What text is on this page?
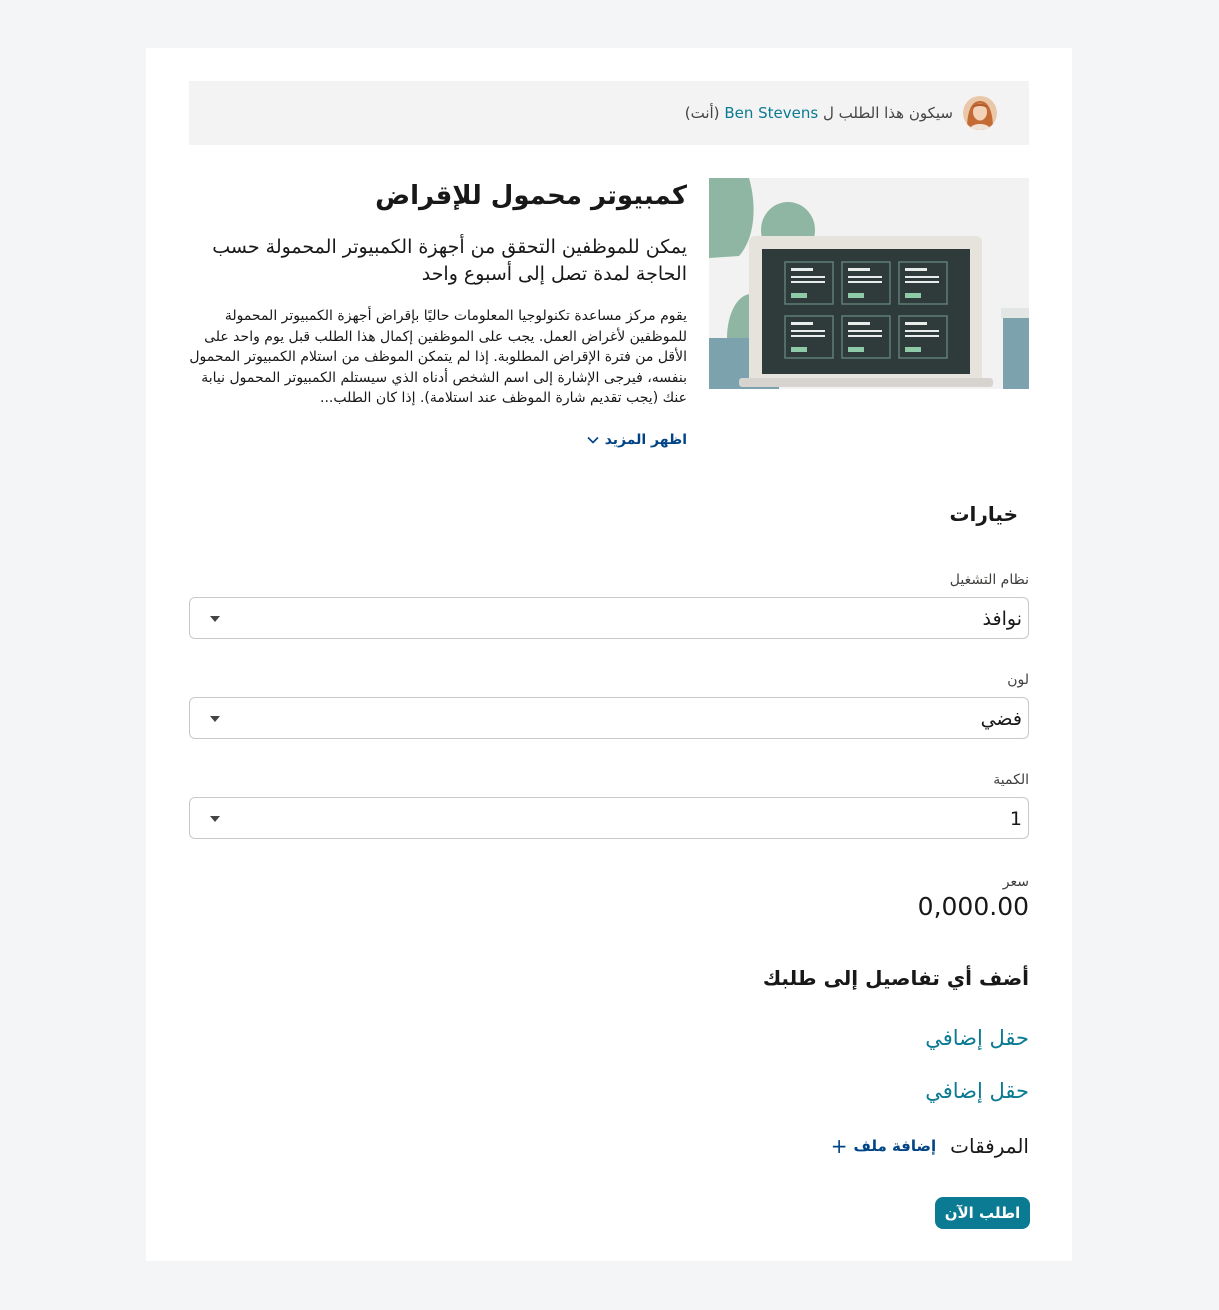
سيكون هذا الطلب ل Ben Stevens (أنت)
كمبيوتر محمول للإقراض

يمكن للموظفين التحقق من أجهزة الكمبيوتر المحمولة حسب الحاجة لمدة تصل إلى أسبوع واحد

يقوم مركز مساعدة تكنولوجيا المعلومات حاليًا بإقراض أجهزة الكمبيوتر المحمولة للموظفين لأغراض العمل. يجب على الموظفين إكمال هذا الطلب قبل يوم واحد على الأقل من فترة الإقراض المطلوبة. إذا لم يتمكن الموظف من استلام الكمبيوتر المحمول بنفسه، فيرجى الإشارة إلى اسم الشخص أدناه الذي سيستلم الكمبيوتر المحمول نيابة عنك (يجب تقديم شارة الموظف عند استلامة). إذا كان الطلب...

اظهر المزيد
خيارات
نظام التشغيل
نوافذ
لون
فضي
الكمية
1
سعر
0,000.00
أضف أي تفاصيل إلى طلبك
حقل إضافي
حقل إضافي
المرفقات
إضافة ملف
+
اطلب الآن
